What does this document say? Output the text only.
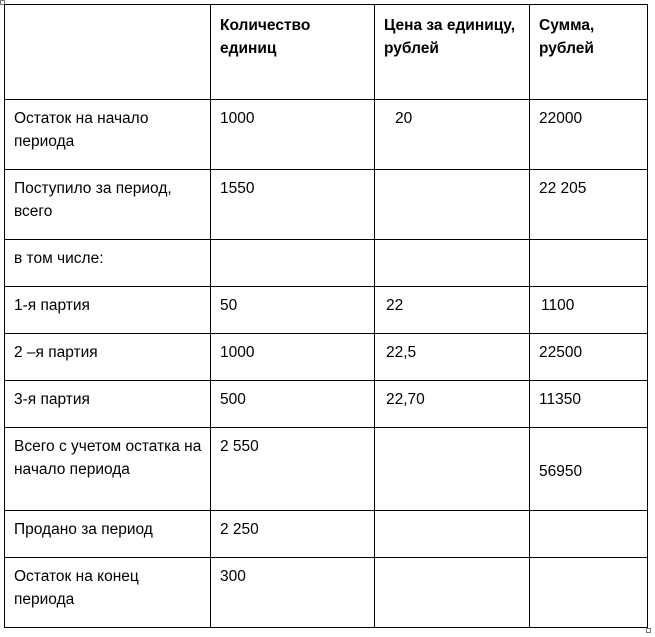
	Количество единиц	Цена за единицу, рублей	Сумма, рублей
Остаток на начало периода	1000	20	22000
Поступило за период, всего	1550		22 205
в том числе:			
1-я партия	50	22	1100
2 –я партия	1000	22,5	22500
3-я партия	500	22,70	11350
Всего с учетом остатка на начало периода	2 550		56950

Продано за период	2 250		
Остаток на конец периода	300		
